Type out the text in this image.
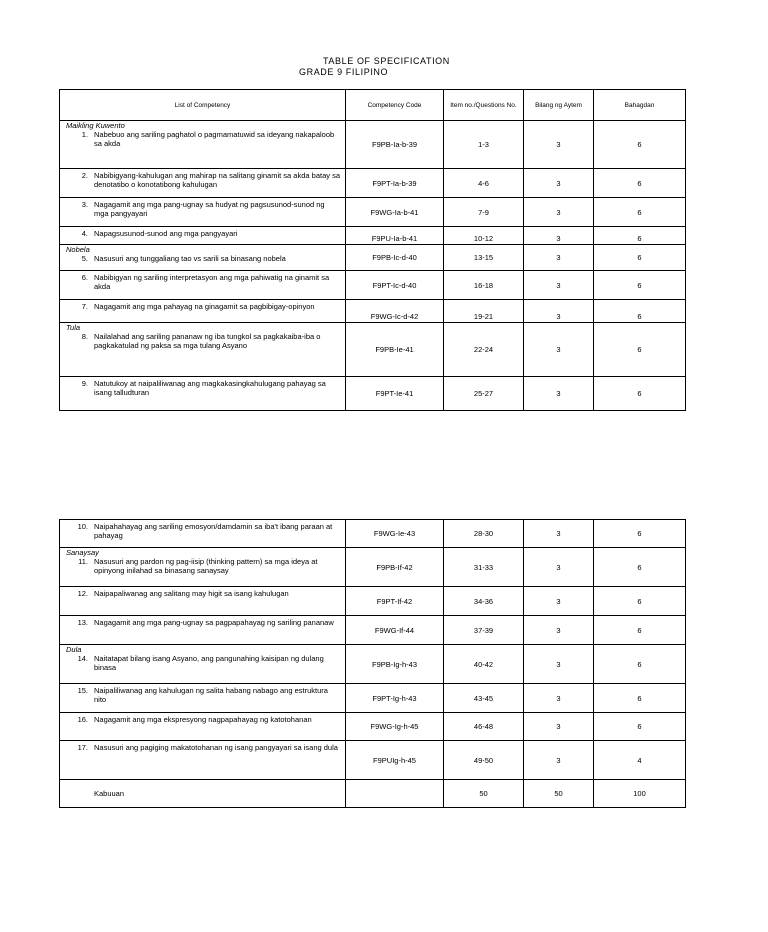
TABLE OF SPECIFICATION
GRADE 9 FILIPINO
List of Competency	Competency Code	Item no./Questions No.	Bilang ng Aytem	Bahagdan

Maikling Kuwento
1. Nabebuo ang sariling paghatol o pagmamatuwid sa ideyang nakapaloob sa akda	F9PB-Ia-b-39	1-3	3	6

2. Nabibigyang-kahulugan ang mahirap na salitang ginamit sa akda batay sa denotatibo o konotatibong kahulugan	F9PT-Ia-b-39	4-6	3	6

3. Nagagamit ang mga pang-ugnay sa hudyat ng pagsusunod-sunod ng mga pangyayari	F9WG-Ia-b-41	7-9	3	6

4. Napagsusunod-sunod ang mga pangyayari	F9PU-Ia-b-41	10-12	3	6

Nobela
5. Nasusuri ang tunggaliang tao vs sarili sa binasang nobela	F9PB-Ic-d-40	13-15	3	6

6. Nabibigyan ng sariling interpretasyon ang mga pahiwatig na ginamit sa akda	F9PT-Ic-d-40	16-18	3	6

7. Nagagamit ang mga pahayag na ginagamit sa pagbibigay-opinyon	F9WG-Ic-d-42	19-21	3	6

Tula
8. Nailalahad ang sariling pananaw ng iba tungkol sa pagkakaiba-iba o pagkakatulad ng paksa sa mga tulang Asyano	F9PB-Ie-41	22-24	3	6

9. Natutukoy at naipaliliwanag ang magkakasingkahulugang pahayag sa isang talludturan	F9PT-Ie-41	25-27	3	6
10. Naipahahayag ang sariling emosyon/damdamin sa iba't ibang paraan at pahayag	F9WG-Ie-43	28-30	3	6

Sanaysay
11. Nasusuri ang pardon ng pag-iisip (thinking pattern) sa mga ideya at opinyong inilahad sa binasang sanaysay	F9PB-If-42	31-33	3	6

12. Naipapaliwanag ang salitang may higit sa isang kahulugan	F9PT-If-42	34-36	3	6

13. Nagagamit ang mga pang-ugnay sa pagpapahayag ng sariling pananaw	F9WG-If-44	37-39	3	6

Dula
14. Naitatapat bilang isang Asyano, ang pangunahing kaisipan ng dulang binasa	F9PB-Ig-h-43	40-42	3	6

15. Naipaliliwanag ang kahulugan ng salita habang nabago ang estruktura nito	F9PT-Ig-h-43	43-45	3	6

16. Nagagamit ang mga ekspresyong nagpapahayag ng katotohanan	F9WG-Ig-h-45	46-48	3	6

17. Nasusuri ang pagiging makatotohanan ng isang pangyayari sa isang dula	F9PUIg-h-45	49-50	3	4

Kabuuan		50	50	100
